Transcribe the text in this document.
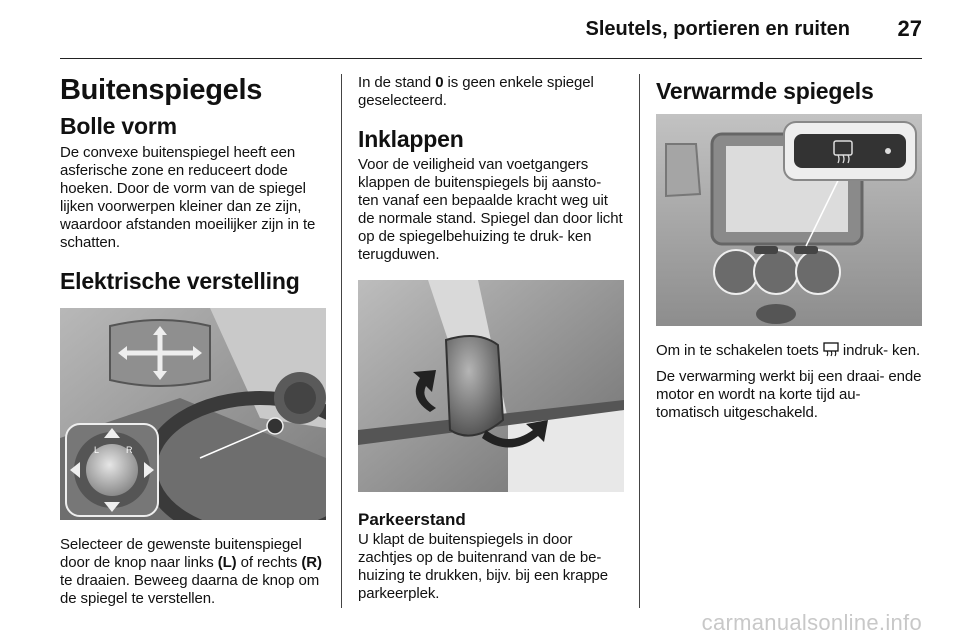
Sleutels, portieren en ruiten 27
Buitenspiegels
Bolle vorm

De convexe buitenspiegel heeft een asferische zone en reduceert dode hoeken. Door de vorm van de spiegel lijken voorwerpen kleiner dan ze zijn, waardoor afstanden moeilijker zijn in te schatten.

Elektrische verstelling
L	R

Selecteer de gewenste buitenspiegel door de knop naar links (L) of rechts (R) te draaien. Beweeg daarna de knop om de spiegel te verstellen.

In de stand 0 is geen enkele spiegel geselecteerd.

Inklappen

Voor de veiligheid van voetgangers klappen de buitenspiegels bij aansto- ten vanaf een bepaalde kracht weg uit de normale stand. Spiegel dan door licht op de spiegelbehuizing te druk- ken terugduwen.

Parkeerstand

U klapt de buitenspiegels in door zachtjes op de buitenrand van de be- huizing te drukken, bijv. bij een krappe parkeerplek.

Verwarmde spiegels

Om in te schakelen toets indruk- ken.

De verwarming werkt bij een draai- ende motor en wordt na korte tijd au- tomatisch uitgeschakeld.

carmanualsonline.info
